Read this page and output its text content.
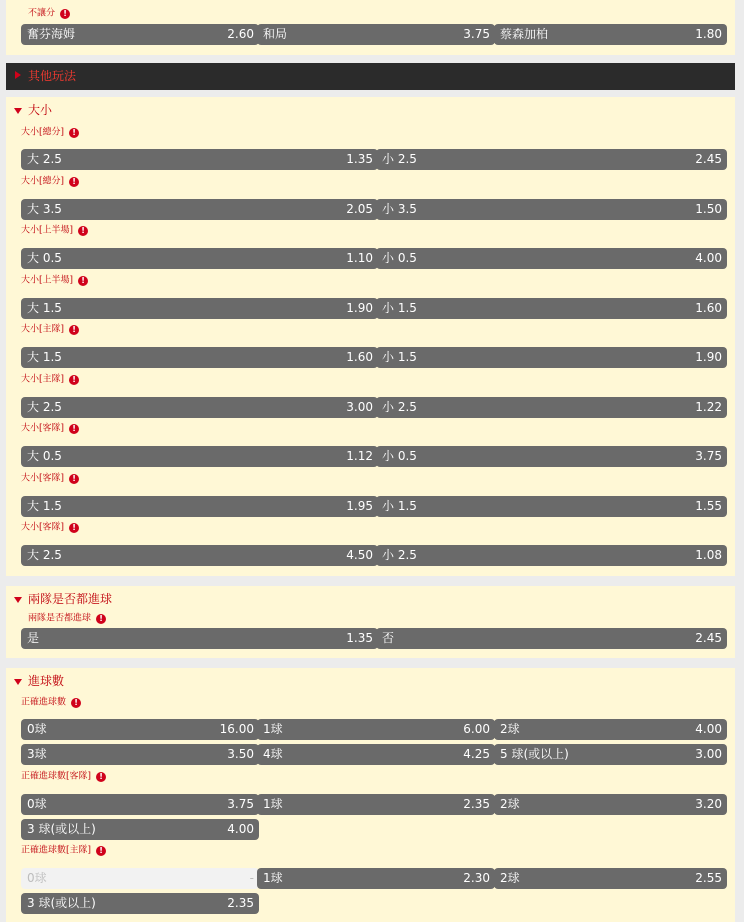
不讓分 !
奮芬海姆	2.60 和局	3.75 蔡森加柏	1.80
其他玩法
大小
大小[總分] !
大 2.5	1.35 小 2.5	2.45
大小[總分] !
大 3.5	2.05 小 3.5	1.50
大小[上半場] !
大 0.5	1.10 小 0.5	4.00
大小[上半場] !
大 1.5	1.90 小 1.5	1.60
大小[主隊] !
大 1.5	1.60 小 1.5	1.90
大小[主隊] !
大 2.5	3.00 小 2.5	1.22
大小[客隊] !
大 0.5	1.12 小 0.5	3.75
大小[客隊] !
大 1.5	1.95 小 1.5	1.55
大小[客隊] !
大 2.5	4.50 小 2.5	1.08
兩隊是否都進球
兩隊是否都進球 !
是	1.35 否	2.45
進球數
正確進球數 !
0球	16.00 1球	6.00 2球	4.00
3球	3.50 4球	4.25 5 球(或以上)	3.00
正確進球數[客隊] !
0球	3.75 1球	2.35 2球	3.20
3 球(或以上)	4.00
正確進球數[主隊] !
0球	- 1球	2.30 2球	2.55
3 球(或以上)	2.35
